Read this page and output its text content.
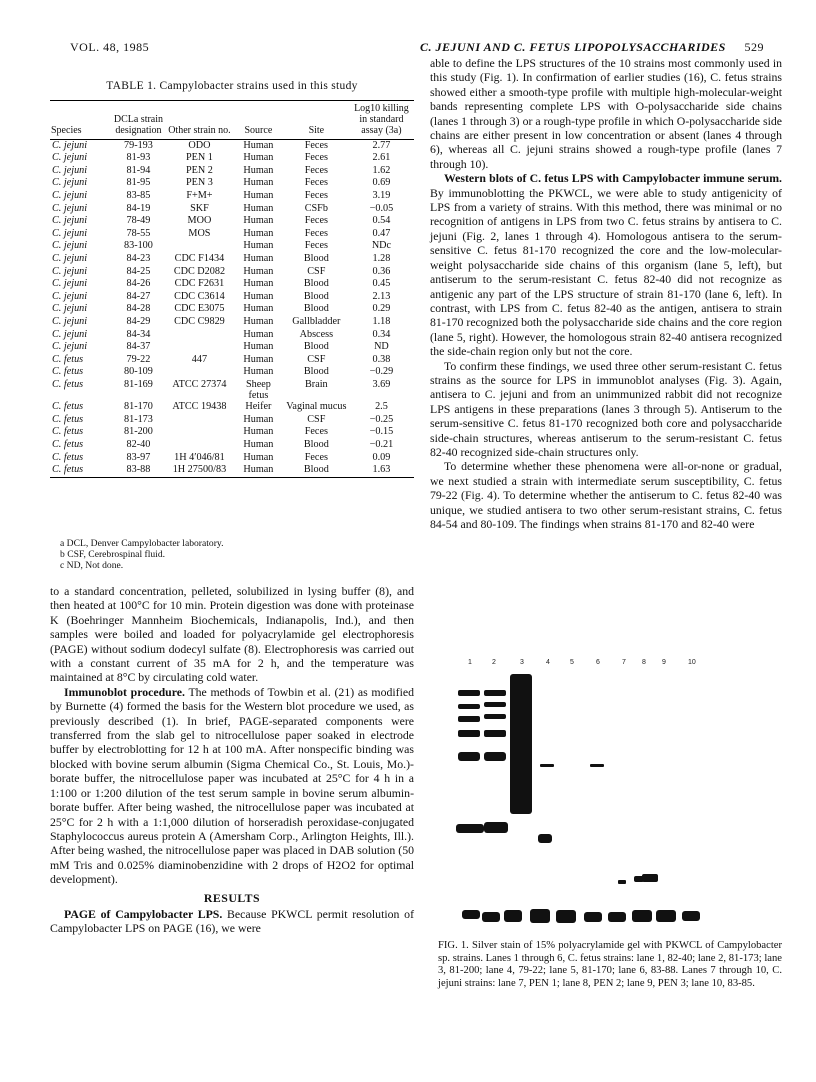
VOL. 48, 1985	C. JEJUNI AND C. FETUS LIPOPOLYSACCHARIDES 529
TABLE 1. Campylobacter strains used in this study
Species	DCLa strain designation	Other strain no.	Source	Site	Log10 killing in standard assay (3a)
C. jejuni	79-193	ODO	Human	Feces	2.77
C. jejuni	81-93	PEN 1	Human	Feces	2.61
C. jejuni	81-94	PEN 2	Human	Feces	1.62
C. jejuni	81-95	PEN 3	Human	Feces	0.69
C. jejuni	83-85	F+M+	Human	Feces	3.19
C. jejuni	84-19	SKF	Human	CSFb	−0.05
C. jejuni	78-49	MOO	Human	Feces	0.54
C. jejuni	78-55	MOS	Human	Feces	0.47
C. jejuni	83-100		Human	Feces	NDc
C. jejuni	84-23	CDC F1434	Human	Blood	1.28
C. jejuni	84-25	CDC D2082	Human	CSF	0.36
C. jejuni	84-26	CDC F2631	Human	Blood	0.45
C. jejuni	84-27	CDC C3614	Human	Blood	2.13
C. jejuni	84-28	CDC E3075	Human	Blood	0.29
C. jejuni	84-29	CDC C9829	Human	Gallbladder	1.18
C. jejuni	84-34		Human	Abscess	0.34
C. jejuni	84-37		Human	Blood	ND
C. fetus	79-22	447	Human	CSF	0.38
C. fetus	80-109		Human	Blood	−0.29
C. fetus	81-169	ATCC 27374	Sheep fetus	Brain	3.69
C. fetus	81-170	ATCC 19438	Heifer	Vaginal mucus	2.5
C. fetus	81-173		Human	CSF	−0.25
C. fetus	81-200		Human	Feces	−0.15
C. fetus	82-40		Human	Blood	−0.21
C. fetus	83-97	1H 4′046/81	Human	Feces	0.09
C. fetus	83-88	1H 27500/83	Human	Blood	1.63
a DCL, Denver Campylobacter laboratory.
b CSF, Cerebrospinal fluid.
c ND, Not done.

to a standard concentration, pelleted, solubilized in lysing buffer (8), and then heated at 100°C for 10 min. Protein digestion was done with proteinase K (Boehringer Mannheim Biochemicals, Indianapolis, Ind.), and then samples were boiled and loaded for polyacrylamide gel electrophoresis (PAGE) without sodium dodecyl sulfate (8). Electrophoresis was carried out with a constant current of 35 mA for 2 h, and the temperature was maintained at 8°C by circulating cold water.

Immunoblot procedure. The methods of Towbin et al. (21) as modified by Burnette (4) formed the basis for the Western blot procedure we used, as previously described (1). In brief, PAGE-separated components were transferred from the slab gel to nitrocellulose paper soaked in electrode buffer by electroblotting for 12 h at 100 mA. After nonspecific binding was blocked with bovine serum albumin (Sigma Chemical Co., St. Louis, Mo.)-borate buffer, the nitrocellulose paper was incubated at 25°C for 4 h in a 1:100 or 1:200 dilution of the test serum sample in bovine serum albumin-borate buffer. After being washed, the nitrocellulose paper was incubated at 25°C for 2 h with a 1:1,000 dilution of horseradish peroxidase-conjugated Staphylococcus aureus protein A (Amersham Corp., Arlington Heights, Ill.). After being washed, the nitrocellulose paper was placed in DAB solution (50 mM Tris and 0.025% diaminobenzidine with 2 drops of H2O2 for optimal development).

RESULTS

PAGE of Campylobacter LPS. Because PKWCL permit resolution of Campylobacter LPS on PAGE (16), we were

able to define the LPS structures of the 10 strains most commonly used in this study (Fig. 1). In confirmation of earlier studies (16), C. fetus strains showed either a smooth-type profile with multiple high-molecular-weight bands representing complete LPS with O-polysaccharide side chains (lanes 1 through 3) or a rough-type profile in which O-polysaccharide side chains are either present in low concentration or absent (lanes 4 through 6), whereas all C. jejuni strains showed a rough-type profile (lanes 7 through 10).

Western blots of C. fetus LPS with Campylobacter immune serum. By immunoblotting the PKWCL, we were able to study antigenicity of LPS from a variety of strains. With this method, there was minimal or no recognition of antigens in LPS from two C. fetus strains by antisera to C. jejuni (Fig. 2, lanes 1 through 4). Homologous antisera to the serum-sensitive C. fetus 81-170 recognized the core and the low-molecular-weight polysaccharide side chains of this organism (lane 5, left), but antiserum to the serum-resistant C. fetus 82-40 did not recognize as antigenic any part of the LPS structure of strain 81-170 (lane 6, left). In contrast, with LPS from C. fetus 82-40 as the antigen, antisera to strain 81-170 recognized both the polysaccharide side chains and the core region (lane 5, right). However, the homologous strain 82-40 antisera recognized the side-chain region only but not the core.

To confirm these findings, we used three other serum-resistant C. fetus strains as the source for LPS in immunoblot analyses (Fig. 3). Again, antisera to C. jejuni and from an unimmunized rabbit did not recognize LPS antigens in these preparations (lanes 3 through 5). Antiserum to the serum-sensitive C. fetus 81-170 recognized both core and polysaccharide side-chain structures, whereas antiserum to the serum-resistant C. fetus 82-40 recognized side-chain structures only.

To determine whether these phenomena were all-or-none or gradual, we next studied a strain with intermediate serum susceptibility, C. fetus 79-22 (Fig. 4). To determine whether the antiserum to C. fetus 82-40 was unique, we studied antisera to two other serum-resistant strains, C. fetus 84-54 and 80-109. The findings when strains 81-170 and 82-40 were

1	2	3	4	5	6	7 8 9	10
FIG. 1. Silver stain of 15% polyacrylamide gel with PKWCL of Campylobacter sp. strains. Lanes 1 through 6, C. fetus strains: lane 1, 82-40; lane 2, 81-173; lane 3, 81-200; lane 4, 79-22; lane 5, 81-170; lane 6, 83-88. Lanes 7 through 10, C. jejuni strains: lane 7, PEN 1; lane 8, PEN 2; lane 9, PEN 3; lane 10, 83-85.
